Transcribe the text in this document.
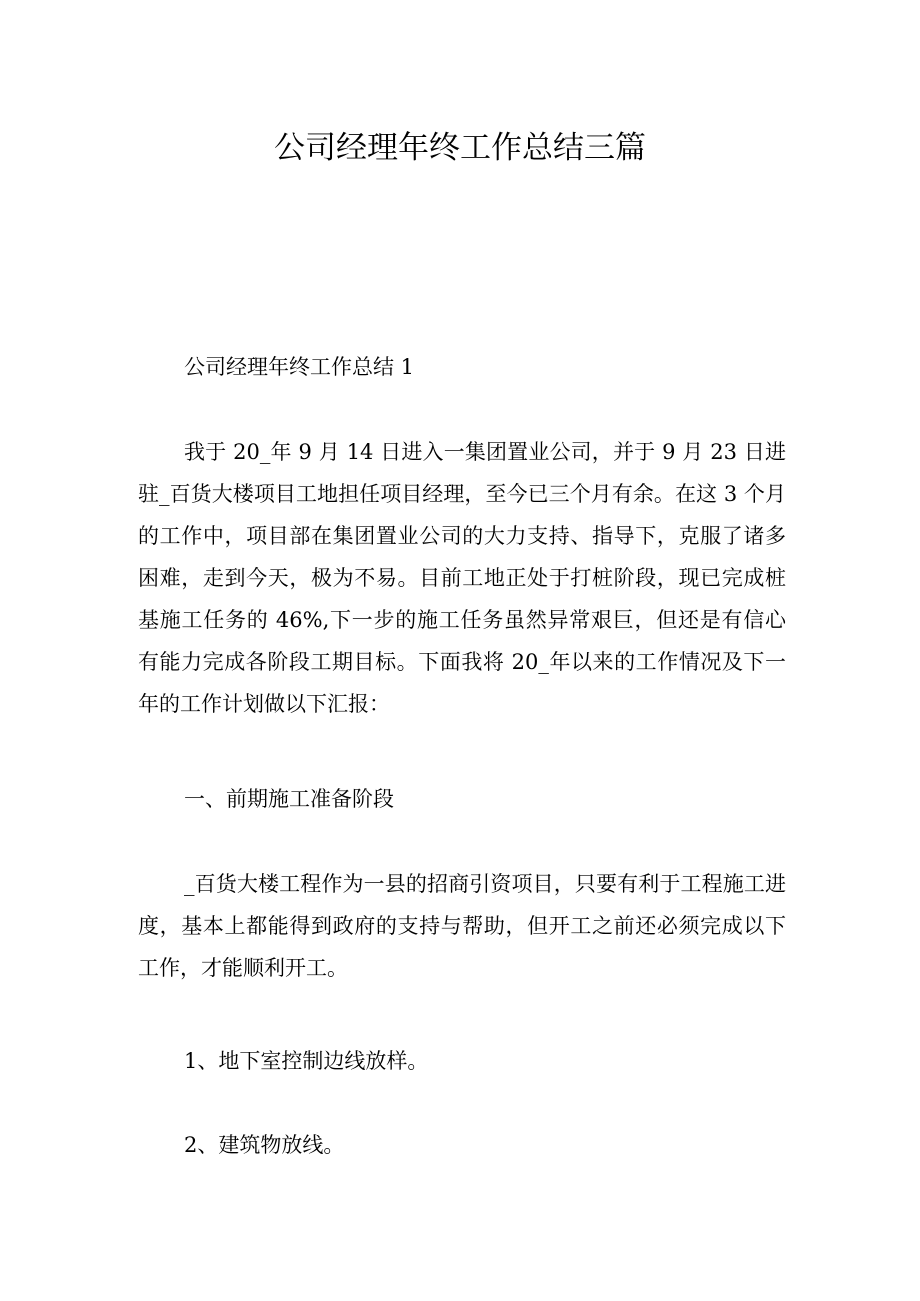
公司经理年终工作总结三篇

公司经理年终工作总结 1

我于 20_年 9 月 14 日进入一集团置业公司，并于 9 月 23 日进驻_百货大楼项目工地担任项目经理，至今已三个月有余。在这 3 个月的工作中，项目部在集团置业公司的大力支持、指导下，克服了诸多困难，走到今天，极为不易。目前工地正处于打桩阶段，现已完成桩基施工任务的 46%,下一步的施工任务虽然异常艰巨，但还是有信心有能力完成各阶段工期目标。下面我将 20_年以来的工作情况及下一年的工作计划做以下汇报：

一、前期施工准备阶段

_百货大楼工程作为一县的招商引资项目，只要有利于工程施工进度，基本上都能得到政府的支持与帮助，但开工之前还必须完成以下工作，才能顺利开工。

1、地下室控制边线放样。

2、建筑物放线。
